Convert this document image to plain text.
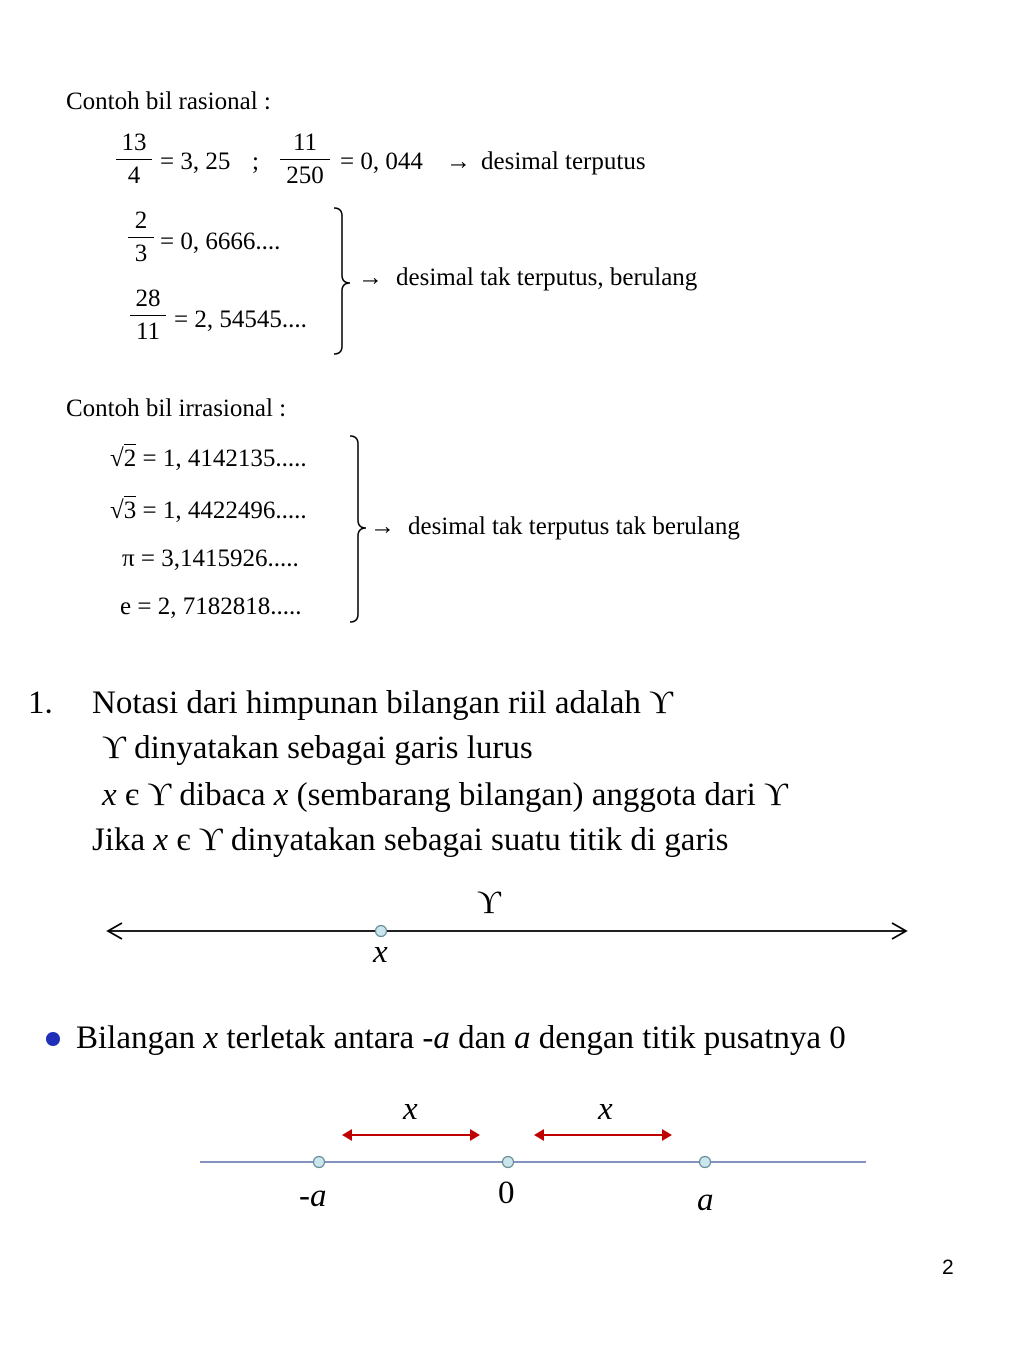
Contoh bil rasional :
13
4
= 3, 25 ;
11
250
= 0, 044 → desimal terputus
2
3 = 0, 6666....
28
11 = 2, 54545....
→ desimal tak terputus, berulang
Contoh bil irrasional :
√2 = 1, 4142135.....
√3 = 1, 4422496.....
π = 3,1415926.....
e = 2, 7182818.....
→ desimal tak terputus tak berulang
1. Notasi dari himpunan bilangan riil adalah ϒ
ϒ dinyatakan sebagai garis lurus
x є ϒ dibaca x (sembarang bilangan) anggota dari ϒ
Jika x є ϒ dinyatakan sebagai suatu titik di garis
ϒ
x
Bilangan x terletak antara -a dan a dengan titik pusatnya 0
x	x
-a	0	a
2
